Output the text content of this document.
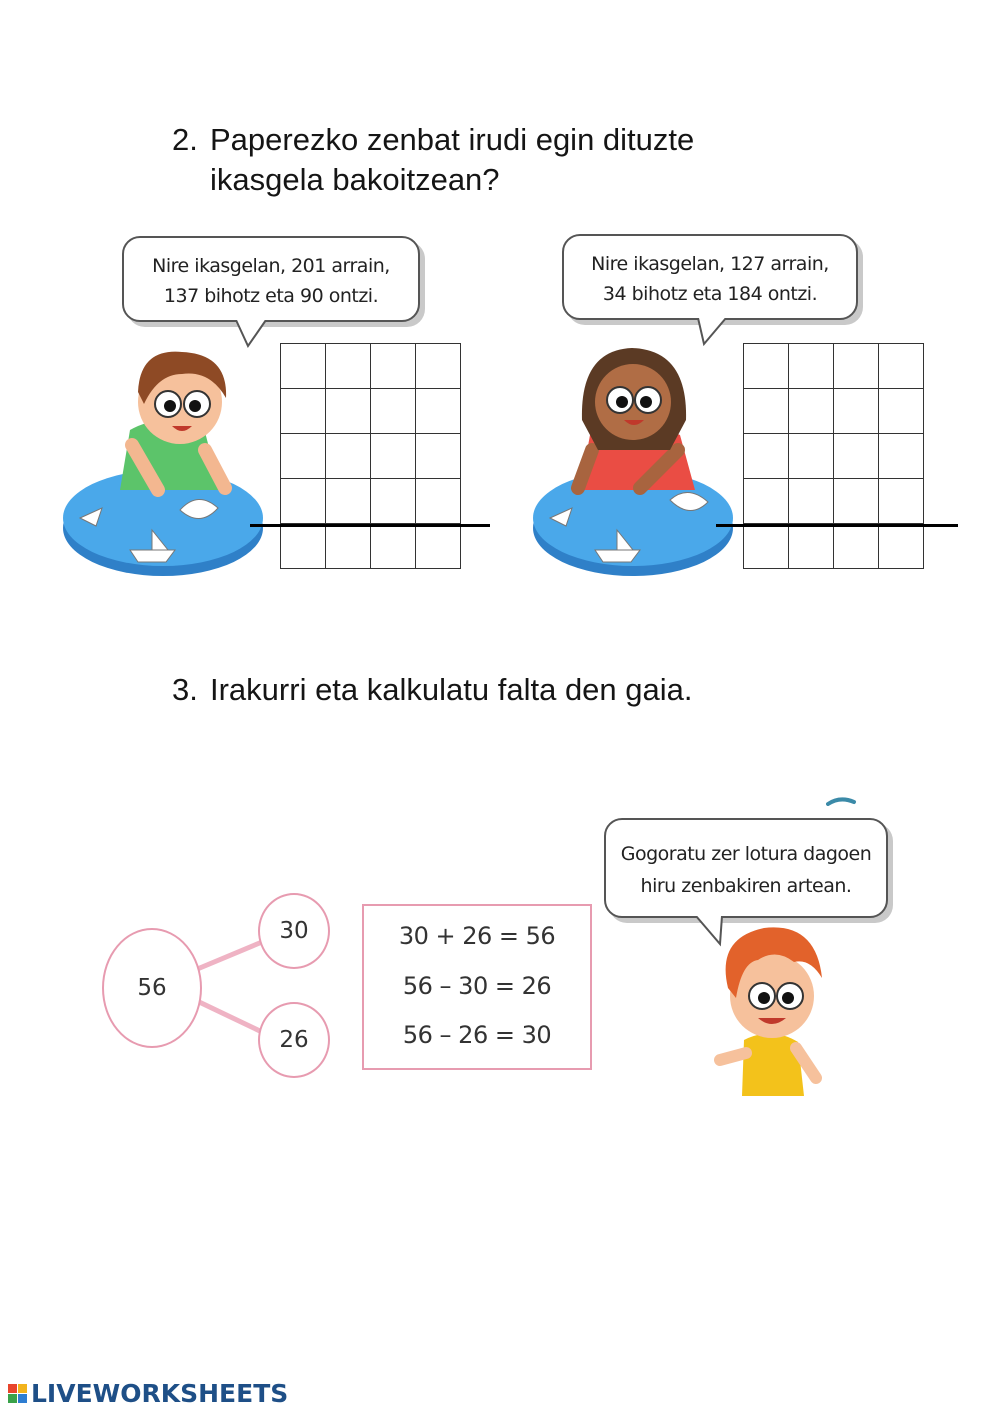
2. Paperezko zenbat irudi egin dituzte
ikasgela bakoitzean?
Nire ikasgelan, 201 arrain,
137 bihotz eta 90 ontzi.

Nire ikasgelan, 127 arrain,
34 bihotz eta 184 ontzi.

3. Irakurri eta kalkulatu falta den gaia.
56
30
26
30 + 26 = 56
56 – 30 = 26
56 – 26 = 30
Gogoratu zer lotura dagoen
hiru zenbakiren artean.
LIVEWORKSHEETS
